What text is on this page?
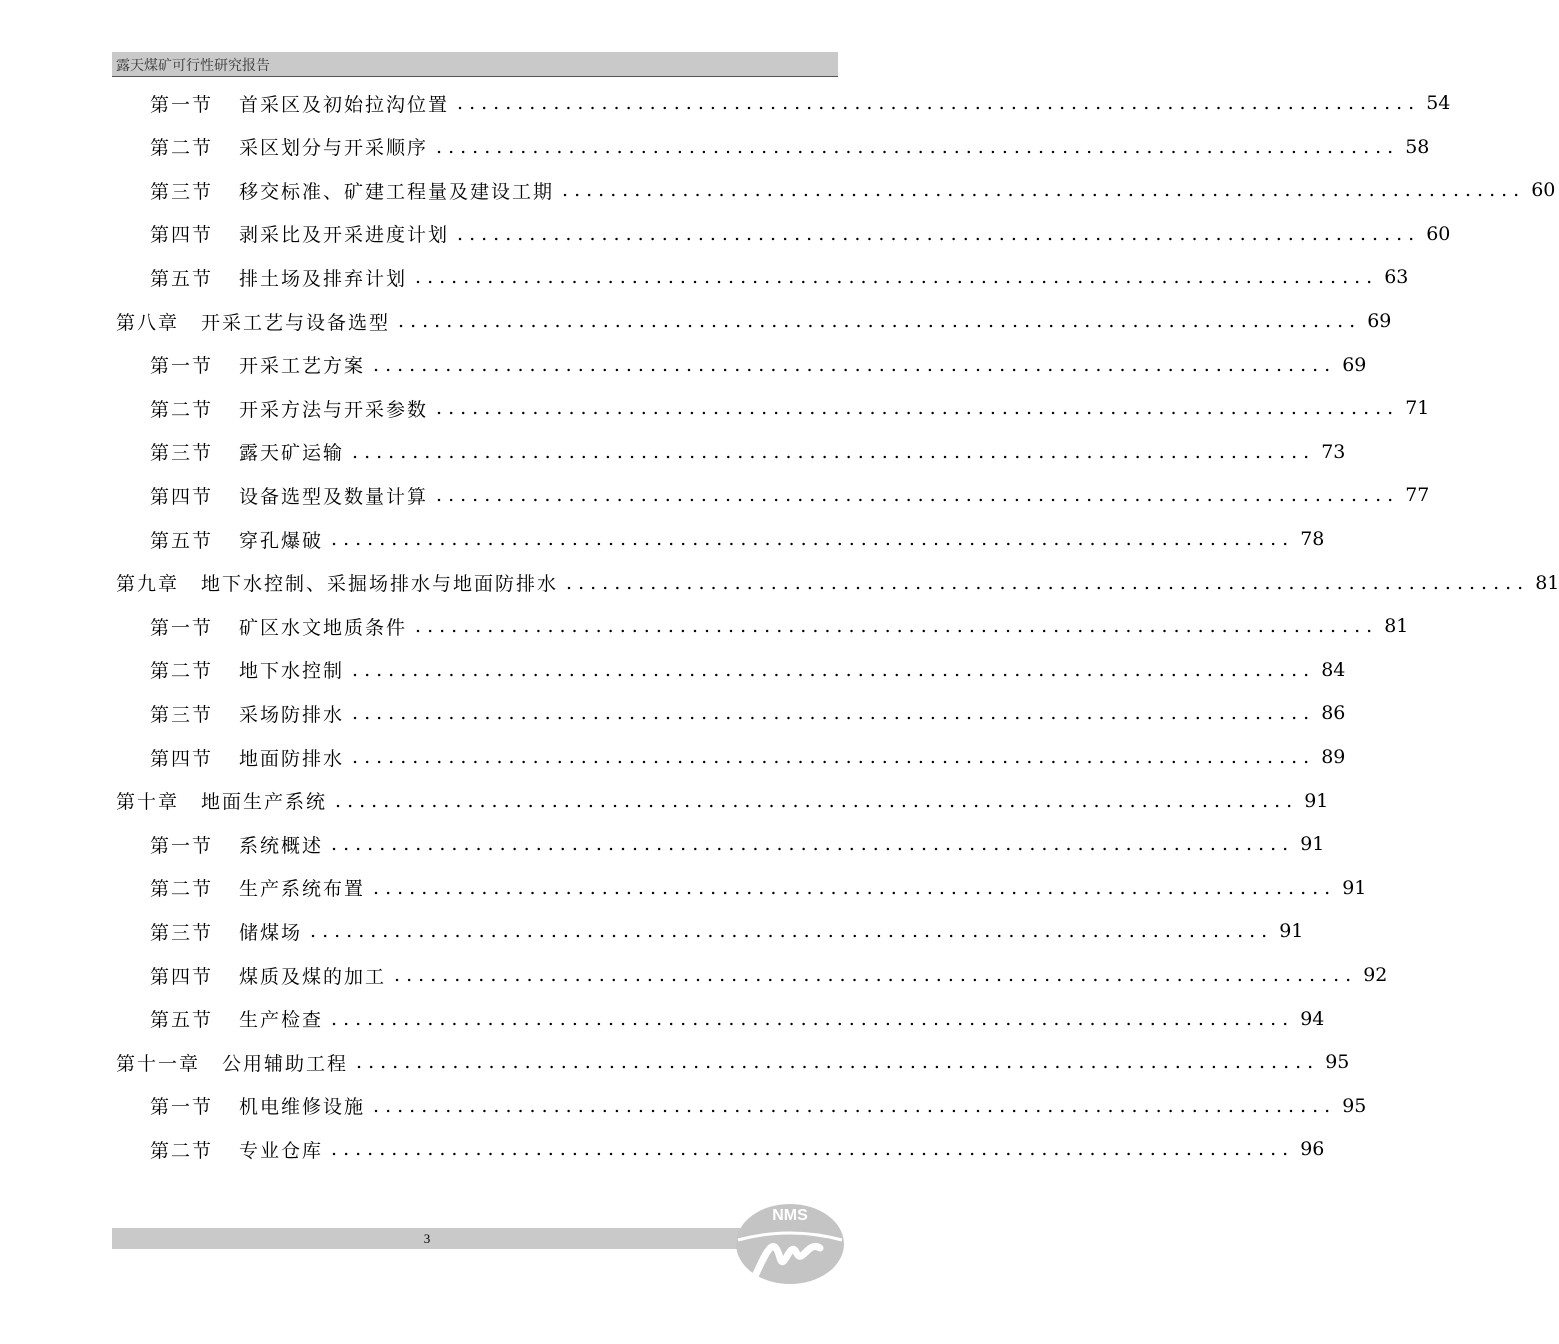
露天煤矿可行性研究报告
第一节 首采区及初始拉沟位置 ................................................................................ 54
第二节 采区划分与开采顺序 ................................................................................ 58
第三节 移交标准、矿建工程量及建设工期 ................................................................................ 60
第四节 剥采比及开采进度计划 ................................................................................ 60
第五节 排土场及排弃计划 ................................................................................ 63
第八章 开采工艺与设备选型 ................................................................................ 69
第一节 开采工艺方案 ................................................................................ 69
第二节 开采方法与开采参数 ................................................................................ 71
第三节 露天矿运输 ................................................................................ 73
第四节 设备选型及数量计算 ................................................................................ 77
第五节 穿孔爆破 ................................................................................ 78
第九章 地下水控制、采掘场排水与地面防排水 ................................................................................ 81
第一节 矿区水文地质条件 ................................................................................ 81
第二节 地下水控制 ................................................................................ 84
第三节 采场防排水 ................................................................................ 86
第四节 地面防排水 ................................................................................ 89
第十章 地面生产系统 ................................................................................ 91
第一节 系统概述 ................................................................................ 91
第二节 生产系统布置 ................................................................................ 91
第三节 储煤场 ................................................................................ 91
第四节 煤质及煤的加工 ................................................................................ 92
第五节 生产检查 ................................................................................ 94
第十一章 公用辅助工程 ................................................................................ 95
第一节 机电维修设施 ................................................................................ 95
第二节 专业仓库 ................................................................................ 96
3
NMS
